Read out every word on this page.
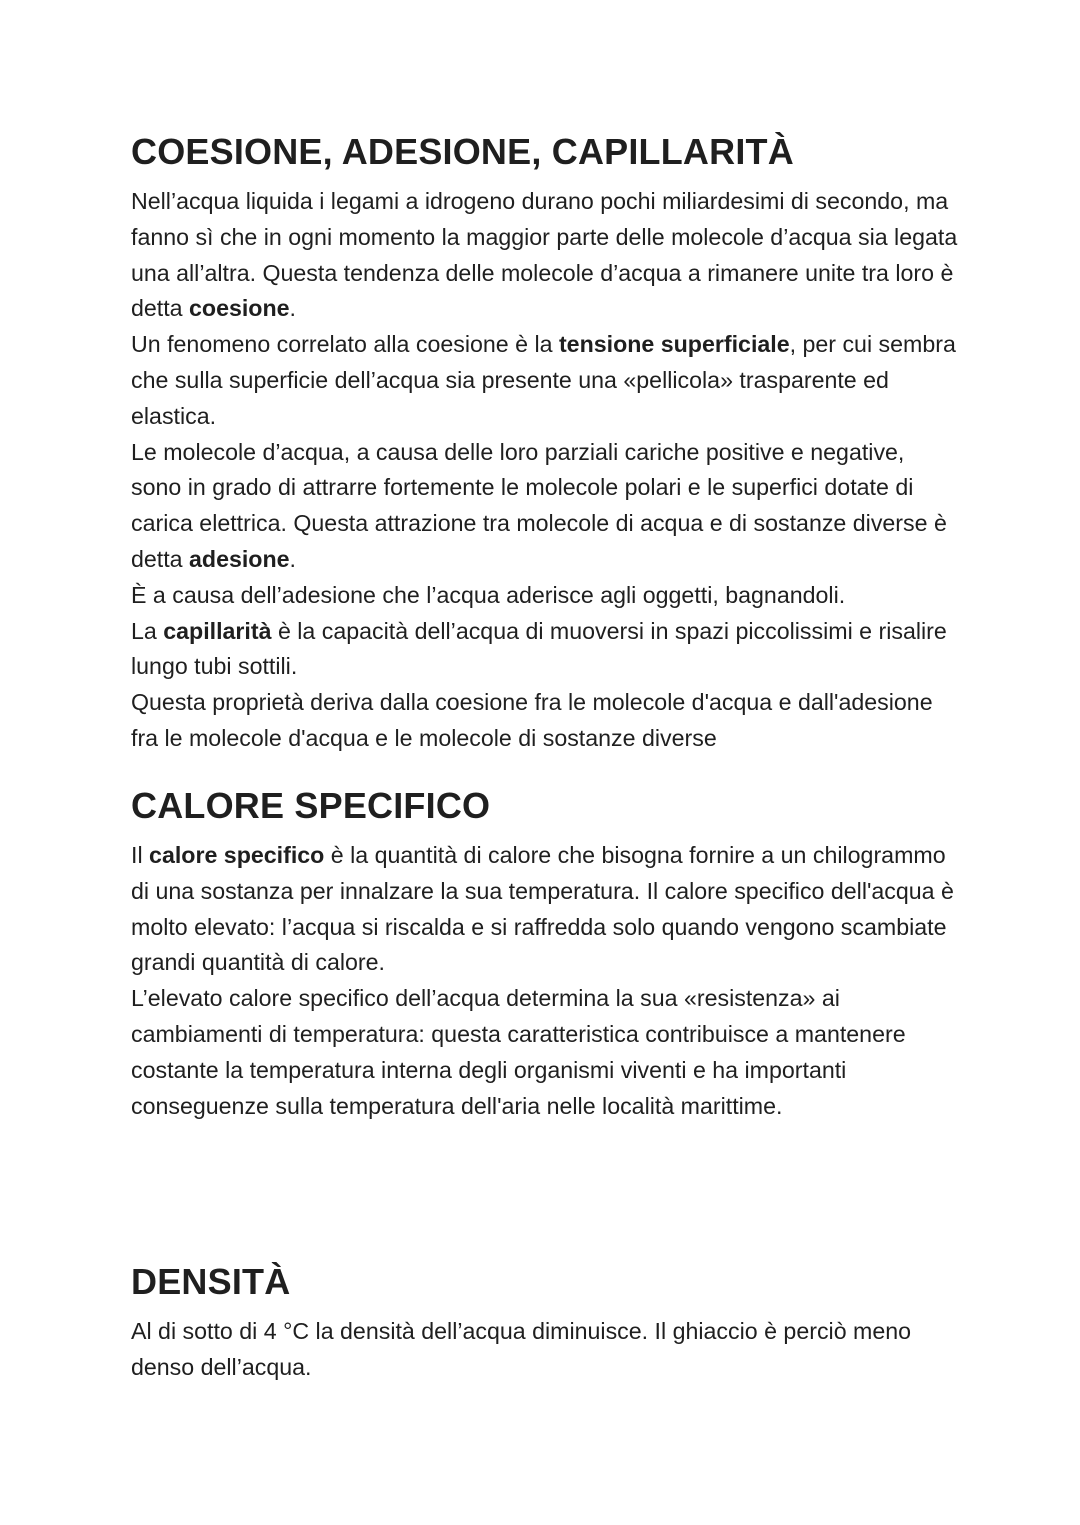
COESIONE, ADESIONE, CAPILLARITÀ

Nell’acqua liquida i legami a idrogeno durano pochi miliardesimi di secondo, ma fanno sì che in ogni momento la maggior parte delle molecole d’acqua sia legata una all’altra. Questa tendenza delle molecole d’acqua a rimanere unite tra loro è detta coesione.

Un fenomeno correlato alla coesione è la tensione superficiale, per cui sembra che sulla superficie dell’acqua sia presente una «pellicola» trasparente ed elastica.

Le molecole d’acqua, a causa delle loro parziali cariche positive e negative, sono in grado di attrarre fortemente le molecole polari e le superfici dotate di carica elettrica. Questa attrazione tra molecole di acqua e di sostanze diverse è detta adesione.

È a causa dell’adesione che l’acqua aderisce agli oggetti, bagnandoli.

La capillarità è la capacità dell’acqua di muoversi in spazi piccolissimi e risalire lungo tubi sottili.

Questa proprietà deriva dalla coesione fra le molecole d'acqua e dall'adesione fra le molecole d'acqua e le molecole di sostanze diverse

CALORE SPECIFICO

Il calore specifico è la quantità di calore che bisogna fornire a un chilogrammo di una sostanza per innalzare la sua temperatura. Il calore specifico dell'acqua è molto elevato: l’acqua si riscalda e si raffredda solo quando vengono scambiate grandi quantità di calore.

L’elevato calore specifico dell’acqua determina la sua «resistenza» ai cambiamenti di temperatura: questa caratteristica contribuisce a mantenere costante la temperatura interna degli organismi viventi e ha importanti conseguenze sulla temperatura dell'aria nelle località marittime.

DENSITÀ

Al di sotto di 4 °C la densità dell’acqua diminuisce. Il ghiaccio è perciò meno denso dell’acqua.
